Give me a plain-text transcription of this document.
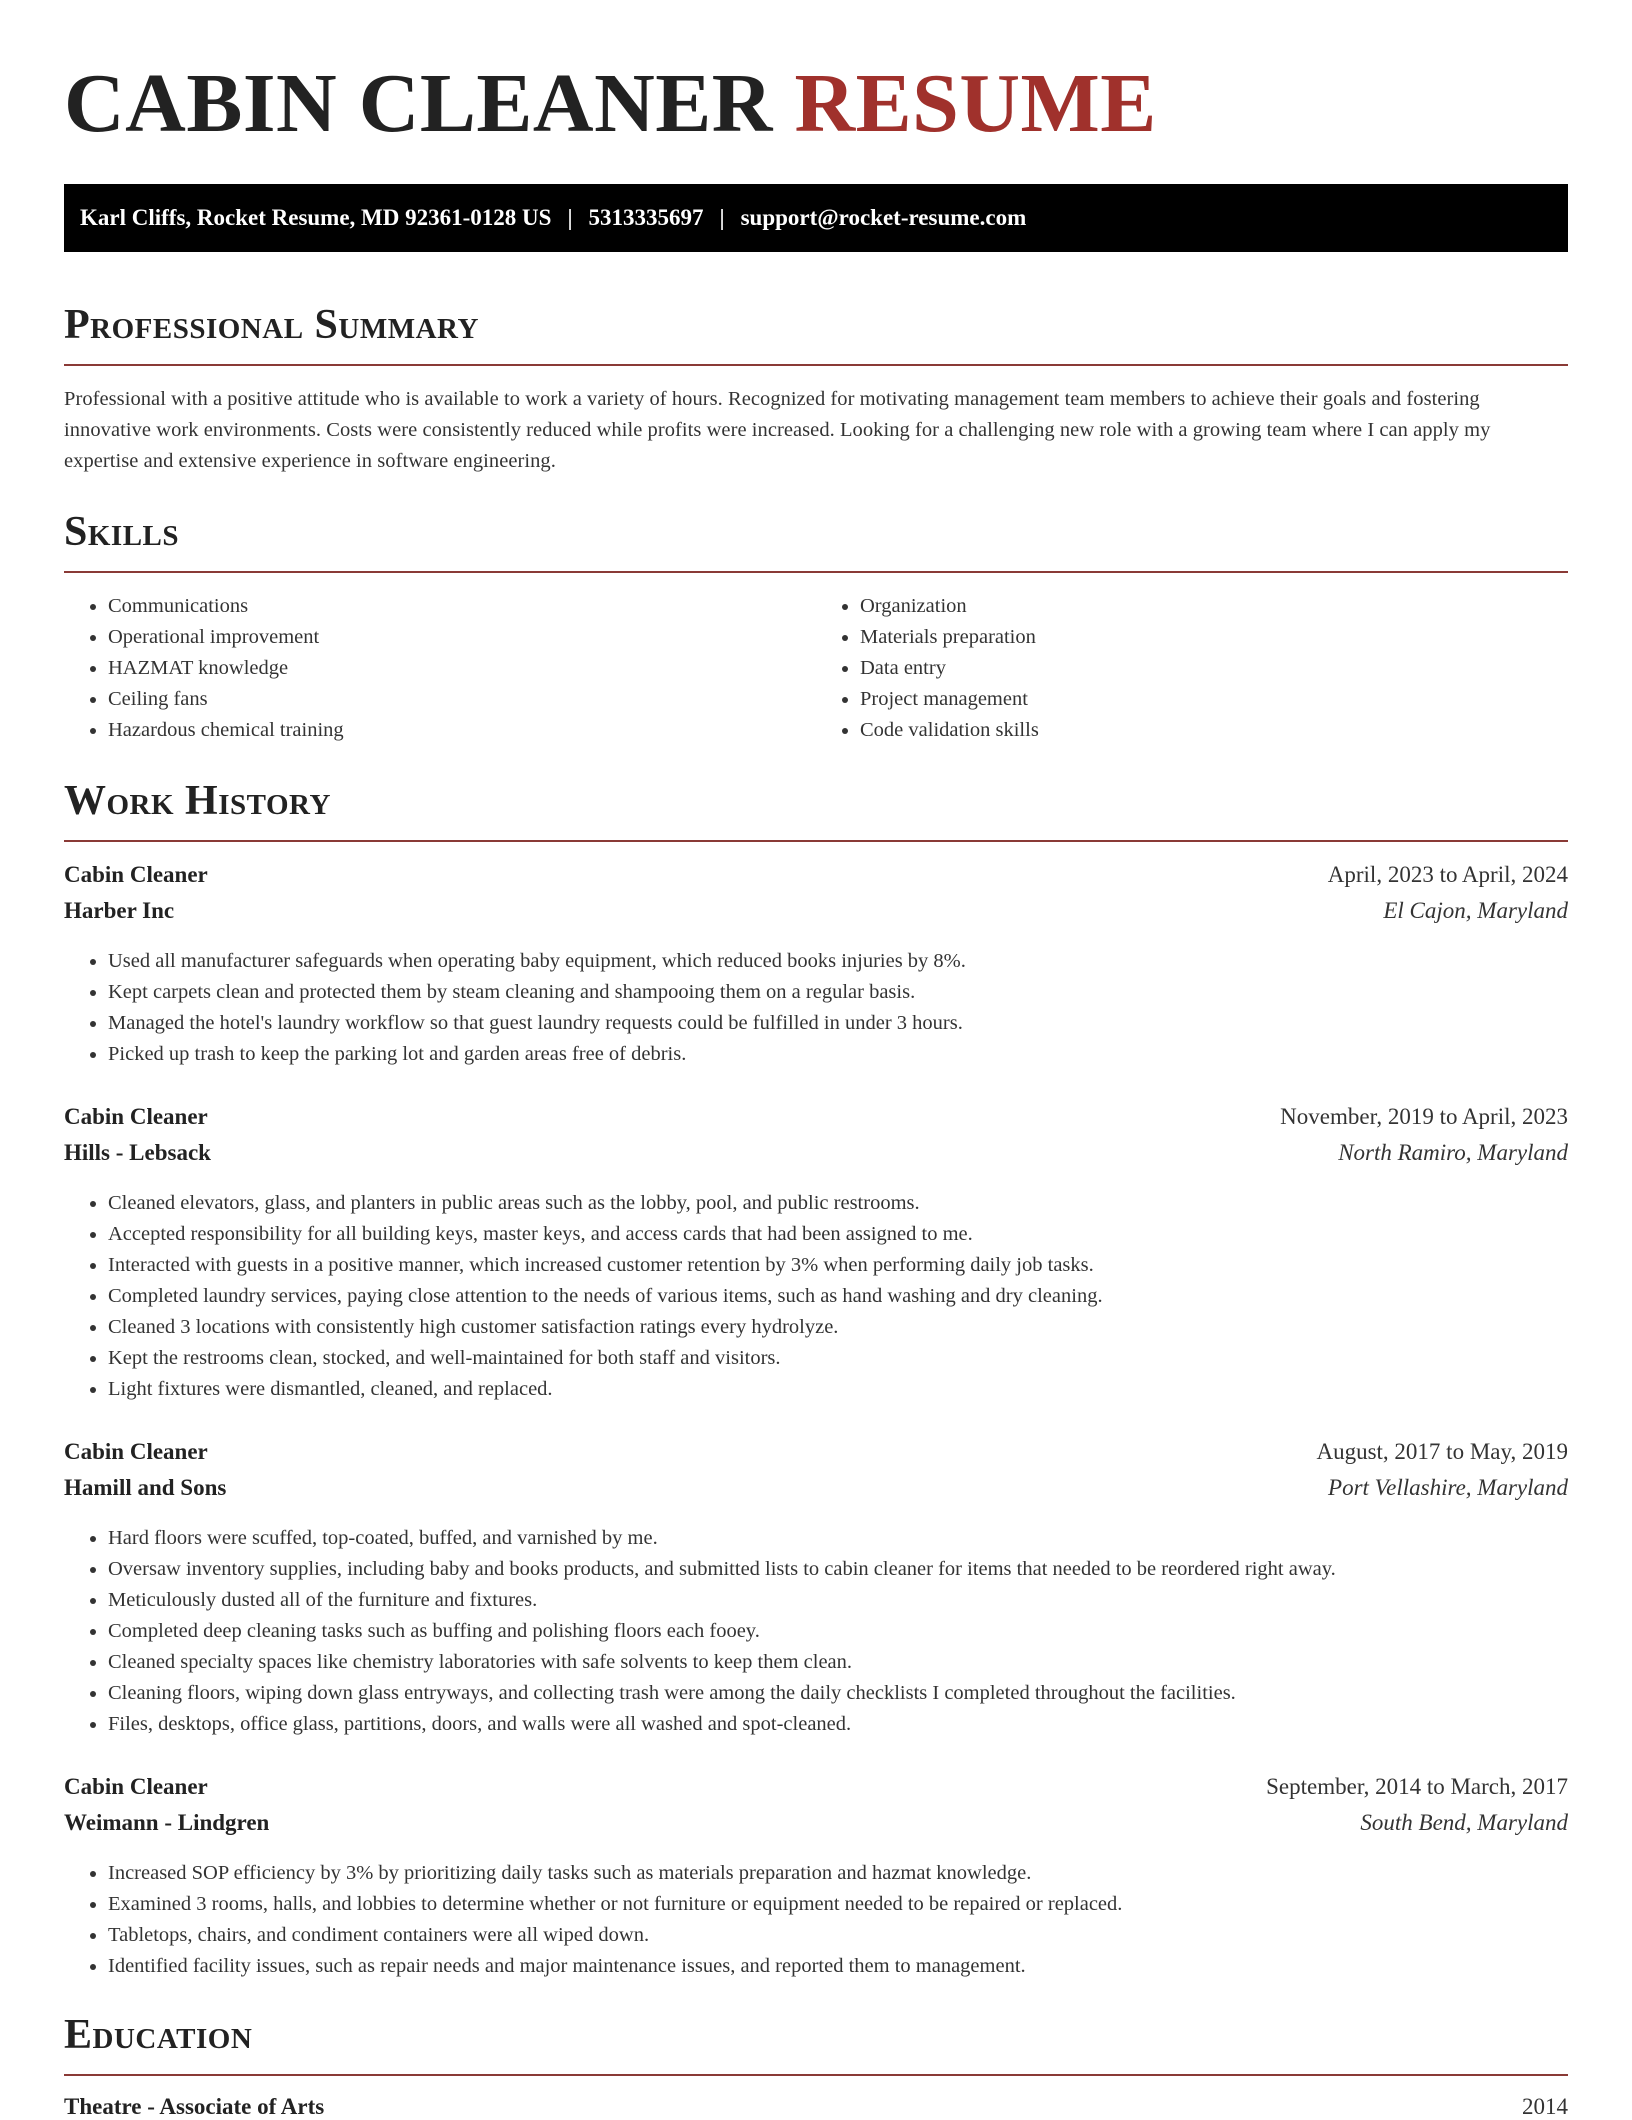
CABIN CLEANER RESUME
Karl Cliffs, Rocket Resume, MD 92361-0128 US | 5313335697 | support@rocket-resume.com
Professional Summary

Professional with a positive attitude who is available to work a variety of hours. Recognized for motivating management team members to achieve their goals and fostering innovative work environments. Costs were consistently reduced while profits were increased. Looking for a challenging new role with a growing team where I can apply my expertise and extensive experience in software engineering.

Skills
• Communications
• Operational improvement
• HAZMAT knowledge
• Ceiling fans
• Hazardous chemical training
• Organization
• Materials preparation
• Data entry
• Project management
• Code validation skills
Work History
Cabin Cleaner	April, 2023 to April, 2024
Harber Inc	El Cajon, Maryland
• Used all manufacturer safeguards when operating baby equipment, which reduced books injuries by 8%.
• Kept carpets clean and protected them by steam cleaning and shampooing them on a regular basis.
• Managed the hotel's laundry workflow so that guest laundry requests could be fulfilled in under 3 hours.
• Picked up trash to keep the parking lot and garden areas free of debris.
Cabin Cleaner	November, 2019 to April, 2023
Hills - Lebsack	North Ramiro, Maryland
• Cleaned elevators, glass, and planters in public areas such as the lobby, pool, and public restrooms.
• Accepted responsibility for all building keys, master keys, and access cards that had been assigned to me.
• Interacted with guests in a positive manner, which increased customer retention by 3% when performing daily job tasks.
• Completed laundry services, paying close attention to the needs of various items, such as hand washing and dry cleaning.
• Cleaned 3 locations with consistently high customer satisfaction ratings every hydrolyze.
• Kept the restrooms clean, stocked, and well-maintained for both staff and visitors.
• Light fixtures were dismantled, cleaned, and replaced.
Cabin Cleaner	August, 2017 to May, 2019
Hamill and Sons	Port Vellashire, Maryland
• Hard floors were scuffed, top-coated, buffed, and varnished by me.
• Oversaw inventory supplies, including baby and books products, and submitted lists to cabin cleaner for items that needed to be reordered right away.
• Meticulously dusted all of the furniture and fixtures.
• Completed deep cleaning tasks such as buffing and polishing floors each fooey.
• Cleaned specialty spaces like chemistry laboratories with safe solvents to keep them clean.
• Cleaning floors, wiping down glass entryways, and collecting trash were among the daily checklists I completed throughout the facilities.
• Files, desktops, office glass, partitions, doors, and walls were all washed and spot-cleaned.
Cabin Cleaner	September, 2014 to March, 2017
Weimann - Lindgren	South Bend, Maryland
• Increased SOP efficiency by 3% by prioritizing daily tasks such as materials preparation and hazmat knowledge.
• Examined 3 rooms, halls, and lobbies to determine whether or not furniture or equipment needed to be repaired or replaced.
• Tabletops, chairs, and condiment containers were all wiped down.
• Identified facility issues, such as repair needs and major maintenance issues, and reported them to management.
Education
Theatre - Associate of Arts	2014
